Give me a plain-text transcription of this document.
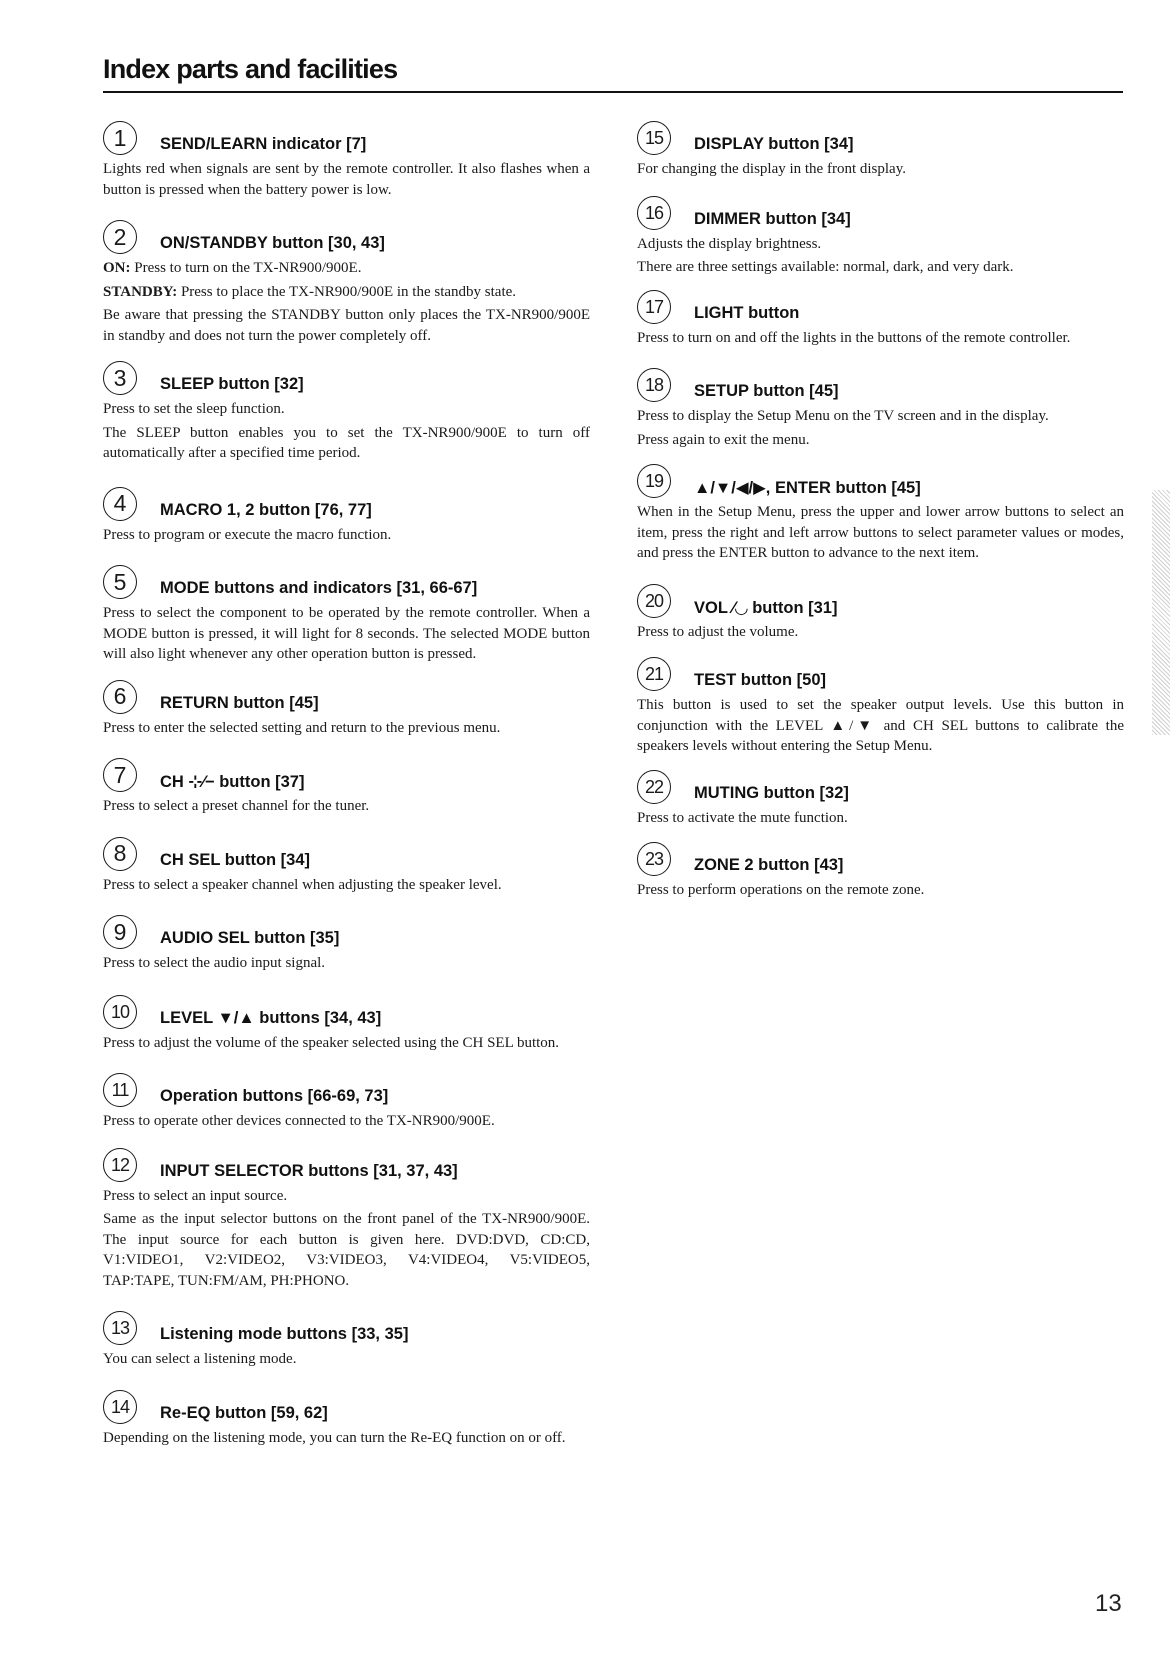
Index parts and facilities
1	SEND/LEARN indicator [7]

Lights red when signals are sent by the remote controller. It also flashes when a button is pressed when the battery power is low.

2	ON/STANDBY button [30, 43]

ON: Press to turn on the TX-NR900/900E.

STANDBY: Press to place the TX-NR900/900E in the standby state.

Be aware that pressing the STANDBY button only places the TX-NR900/900E in standby and does not turn the power completely off.

3	SLEEP button [32]

Press to set the sleep function.

The SLEEP button enables you to set the TX-NR900/900E to turn off automatically after a specified time period.

4	MACRO 1, 2 button [76, 77]

Press to program or execute the macro function.

5	MODE buttons and indicators [31, 66-67]

Press to select the component to be operated by the remote controller. When a MODE button is pressed, it will light for 8 seconds. The selected MODE button will also light whenever any other operation button is pressed.

6	RETURN button [45]

Press to enter the selected setting and return to the previous menu.

7	CH ⊹⁄− button [37]

Press to select a preset channel for the tuner.

8	CH SEL button [34]

Press to select a speaker channel when adjusting the speaker level.

9	AUDIO SEL button [35]

Press to select the audio input signal.

10	LEVEL ▼/▲ buttons [34, 43]

Press to adjust the volume of the speaker selected using the CH SEL button.

11	Operation buttons [66-69, 73]

Press to operate other devices connected to the TX-NR900/900E.

12	INPUT SELECTOR buttons [31, 37, 43]

Press to select an input source.

Same as the input selector buttons on the front panel of the TX-NR900/900E. The input source for each button is given here. DVD:DVD, CD:CD, V1:VIDEO1, V2:VIDEO2, V3:VIDEO3, V4:VIDEO4, V5:VIDEO5, TAP:TAPE, TUN:FM/AM, PH:PHONO.

13	Listening mode buttons [33, 35]

You can select a listening mode.

14	Re-EQ button [59, 62]

Depending on the listening mode, you can turn the Re-EQ function on or off.

15	DISPLAY button [34]

For changing the display in the front display.

16	DIMMER button [34]

Adjusts the display brightness.

There are three settings available: normal, dark, and very dark.

17	LIGHT button

Press to turn on and off the lights in the buttons of the remote controller.

18	SETUP button [45]

Press to display the Setup Menu on the TV screen and in the display.

Press again to exit the menu.

19	▲/▼/◀/▶, ENTER button [45]

When in the Setup Menu, press the upper and lower arrow buttons to select an item, press the right and left arrow buttons to select parameter values or modes, and press the ENTER button to advance to the next item.

20	VOL ⁄◡ button [31]

Press to adjust the volume.

21	TEST button [50]

This button is used to set the speaker output levels. Use this button in conjunction with the LEVEL ▲/▼ and CH SEL buttons to calibrate the speakers levels without entering the Setup Menu.

22	MUTING button [32]

Press to activate the mute function.

23	ZONE 2 button [43]

Press to perform operations on the remote zone.

13
